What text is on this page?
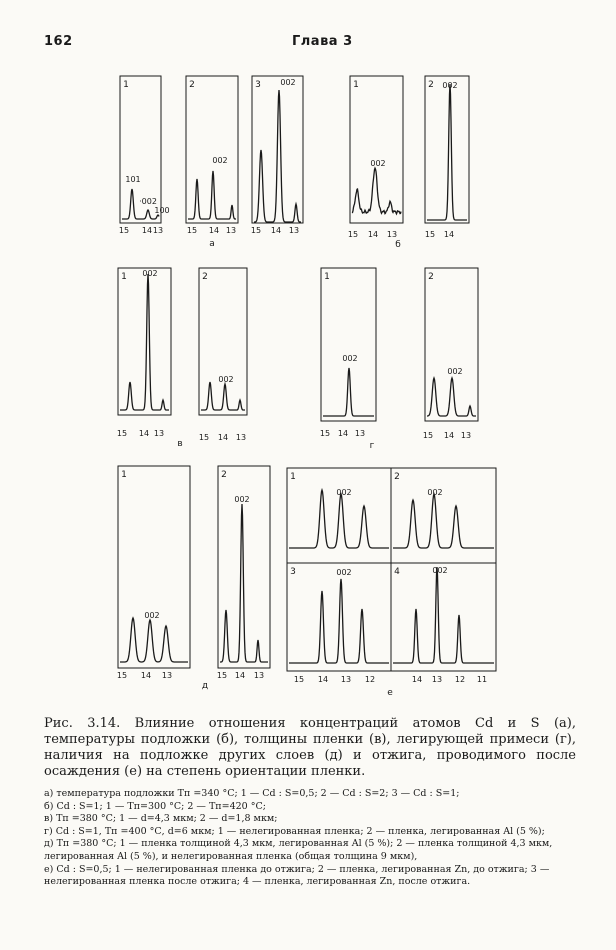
162	Глава 3
1
101
·002
100
15 14 13
2
002
15 14 13
3 002
15 14 13
а
1
002
15 14 13
2 002
15 14
б
1 002
15 14 13
2
002
15 14 13
в
1
002
15 14 13
2
002
15 14 13
г
1
002
15 14 13
2
002
15 14 13
д
1
002
2
002
3	002
15 14 13 12
4	002
14 13 12 11
е
Рис. 3.14. Влияние отношения концентраций атомов Cd и S (а), температуры подложки (б), толщины пленки (в), легирующей примеси (г), наличия на подложке других слоев (д) и отжига, проводимого после осаждения (е) на степень ориентации пленки.
а) температура подложки Tп =340 °С; 1 — Cd : S=0,5; 2 — Cd : S=2; 3 — Cd : S=1;
б) Cd : S=1; 1 — Tп=300 °С; 2 — Tп=420 °С;
в) Tп =380 °С; 1 — d=4,3 мкм; 2 — d=1,8 мкм;
г) Cd : S=1, Tп =400 °С, d=6 мкм; 1 — нелегированная пленка; 2 — пленка, легированная Al (5 %);
д) Tп =380 °С; 1 — пленка толщиной 4,3 мкм, легированная Al (5 %); 2 — пленка толщиной 4,3 мкм, легированная Al (5 %), и нелегированная пленка (общая толщина 9 мкм),
е) Cd : S=0,5; 1 — нелегированная пленка до отжига; 2 — пленка, легированная Zn, до отжига; 3 — нелегированная пленка после отжига; 4 — пленка, легированная Zn, после отжига.
